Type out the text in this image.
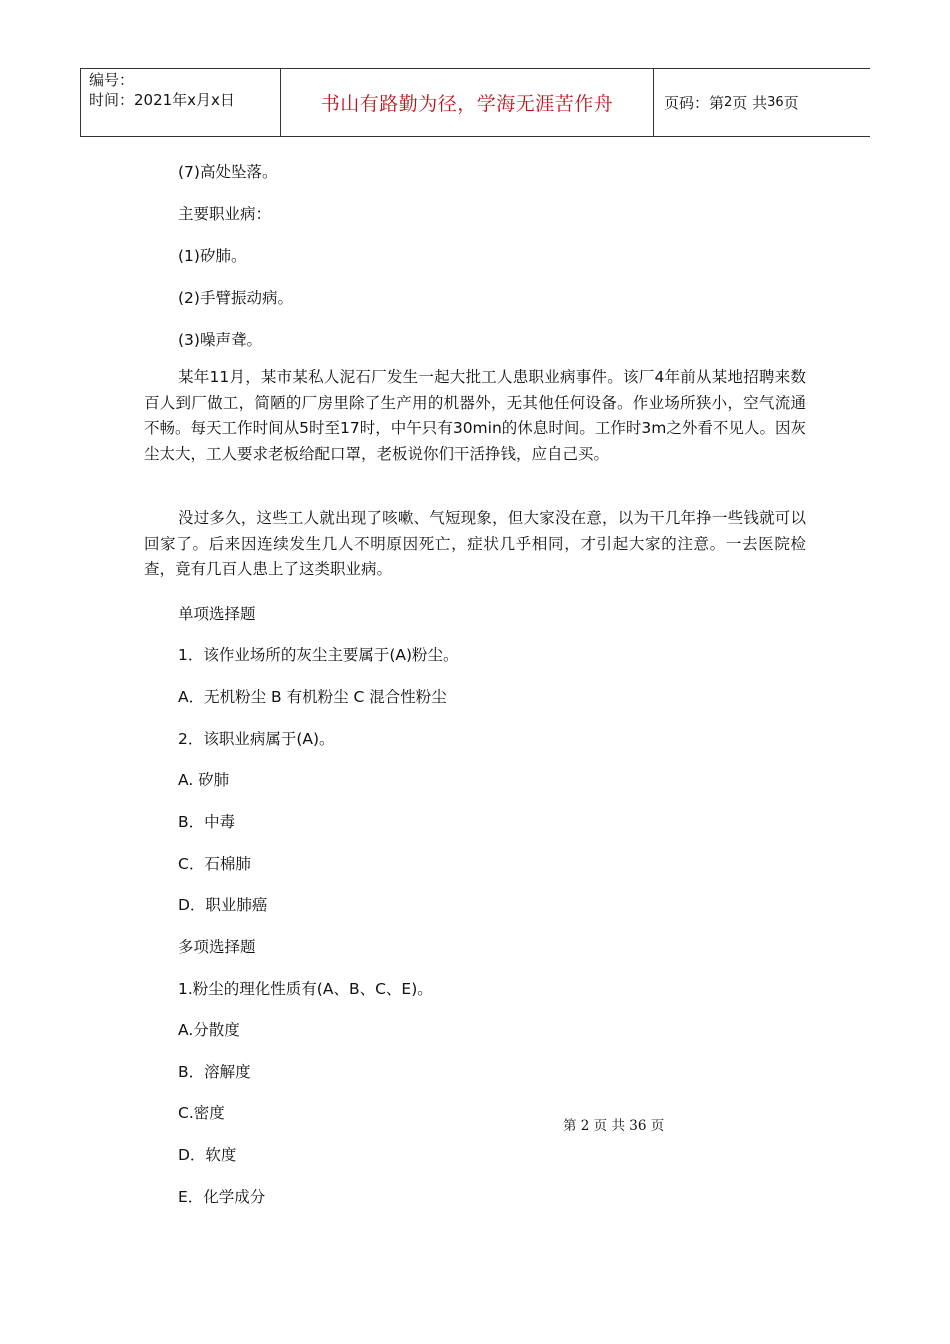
编号：
时间：2021年x月x日	书山有路勤为径，学海无涯苦作舟	页码：第 2 页 共 36 页
(7)高处坠落。
主要职业病：
(1)矽肺。
(2)手臂振动病。
(3)噪声聋。
某年11月，某市某私人泥石厂发生一起大批工人患职业病事件。该厂4年前从某地招聘来数百人到厂做工，简陋的厂房里除了生产用的机器外，无其他任何设备。作业场所狭小，空气流通不畅。每天工作时间从5时至17时，中午只有30min的休息时间。工作时3m之外看不见人。因灰尘太大，工人要求老板给配口罩，老板说你们干活挣钱，应自己买。
没过多久，这些工人就出现了咳嗽、气短现象，但大家没在意，以为干几年挣一些钱就可以回家了。后来因连续发生几人不明原因死亡，症状几乎相同，才引起大家的注意。一去医院检查，竟有几百人患上了这类职业病。
单项选择题
1．该作业场所的灰尘主要属于(A)粉尘。
A．无机粉尘 B 有机粉尘 C 混合性粉尘
2．该职业病属于(A)。
A. 矽肺
B．中毒
C．石棉肺
D．职业肺癌
多项选择题
1.粉尘的理化性质有(A、B、C、E)。
A.分散度
B．溶解度
C.密度
D．软度
E．化学成分
第 2 页 共 36 页
